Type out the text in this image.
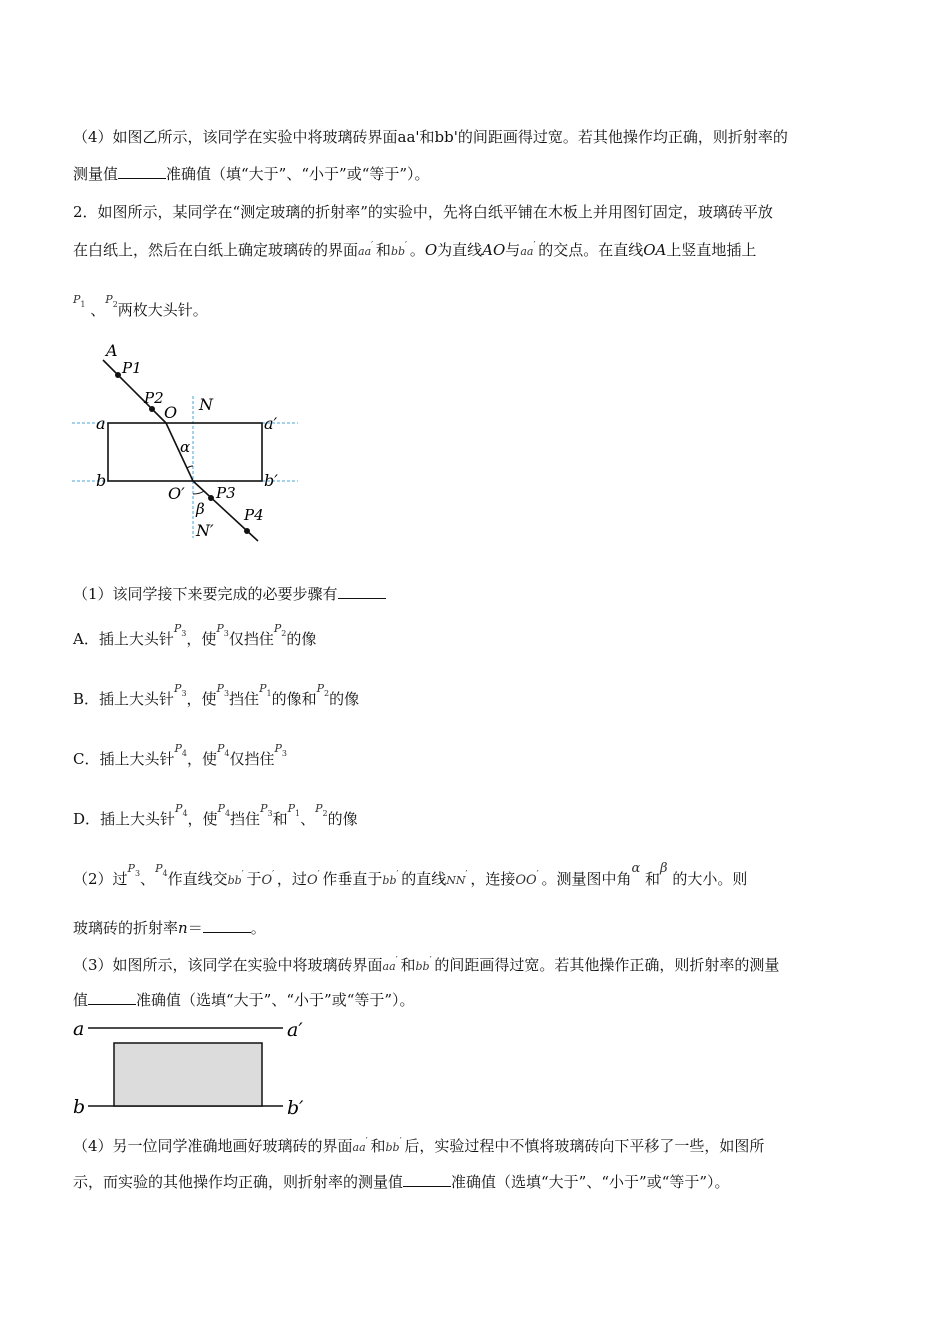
（4）如图乙所示，该同学在实验中将玻璃砖界面aa'和bb'的间距画得过宽。若其他操作均正确，则折射率的
测量值	准确值（填“大于”、“小于”或“等于”）。
2．如图所示，某同学在“测定玻璃的折射率”的实验中，先将白纸平铺在木板上并用图钉固定，玻璃砖平放
在白纸上，然后在白纸上确定玻璃砖的界面aa ′ 和bb ′ 。O为直线AO与aa ′ 的交点。在直线OA上竖直地插上
$P_1$ 、$P_2$两枚大头针。
A
P1
P2
O N
a	a′
α
b	b′
O′ P3
β	P4
N′
（1）该同学接下来要完成的必要步骤有
A．插上大头针$P_3$，使$P_3$仅挡住$P_2$的像
B．插上大头针$P_3$，使$P_3$挡住$P_1$的像和$P_2$的像
C．插上大头针$P_4$，使$P_4$仅挡住$P_3$
D．插上大头针$P_4$，使$P_4$挡住$P_3$和$P_1$、$P_2$的像
（2）过$P_3$、$P_4$作直线交bb ′ 于O ′ ，过O ′ 作垂直于bb ′ 的直线NN ′ ，连接OO ′ 。测量图中角α 和β 的大小。则
玻璃砖的折射率n＝	。
（3）如图所示，该同学在实验中将玻璃砖界面aa ′ 和bb ′ 的间距画得过宽。若其他操作正确，则折射率的测量
值	准确值（选填“大于”、“小于”或“等于”）。
a	a′
b	b′
（4）另一位同学准确地画好玻璃砖的界面aa ′ 和bb ′ 后，实验过程中不慎将玻璃砖向下平移了一些，如图所
示，而实验的其他操作均正确，则折射率的测量值	准确值（选填“大于”、“小于”或“等于”）。
